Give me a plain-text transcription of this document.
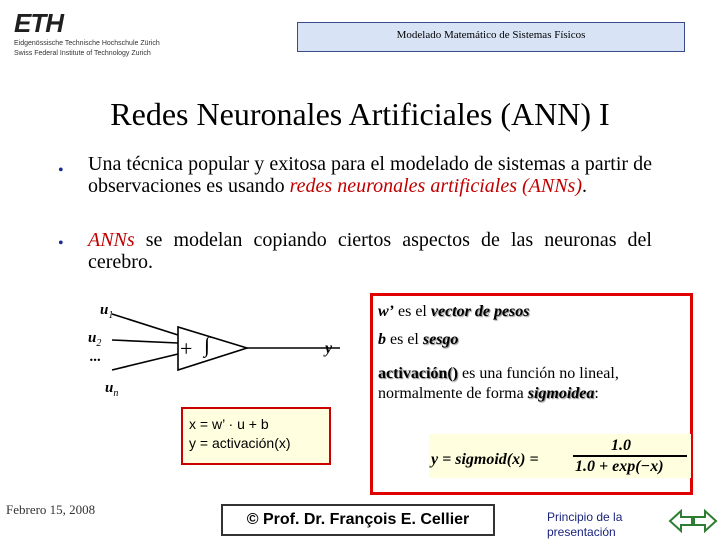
ETH
Eidgenössische Technische Hochschule Zürich
Swiss Federal Institute of Technology Zurich
Modelado Matemático de Sistemas Físicos
Redes Neuronales Artificiales (ANN) I
• Una técnica popular y exitosa para el modelado de sistemas a partir de observaciones es usando redes neuronales artificiales (ANNs).
• ANNs se modelan copiando ciertos aspectos de las neuronas del cerebro.
$u_1$
$u_2$
...
$u_n$
+ ∫	y
x = w’ · u + b
y = activación(x)
w’ es el vector de pesos
b es el sesgo
activación() es una función no lineal, normalmente de forma sigmoidea:
y = sigmoid(x) =
1.0
1.0 + exp(−x)
Febrero 15, 2008
© Prof. Dr. François E. Cellier	Principio de la presentación
